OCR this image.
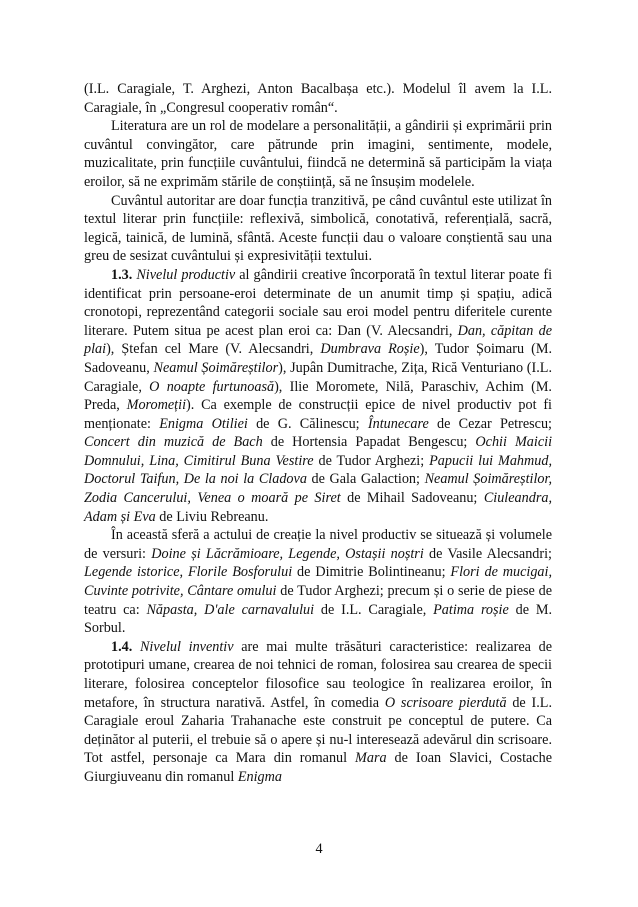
(I.L. Caragiale, T. Arghezi, Anton Bacalbașa etc.). Modelul îl avem la I.L. Caragiale, în „Congresul cooperativ român“.

Literatura are un rol de modelare a personalității, a gândirii și exprimării prin cuvântul convingător, care pătrunde prin imagini, sentimente, modele, muzicalitate, prin funcțiile cuvântului, fiindcă ne determină să participăm la viața eroilor, să ne exprimăm stările de conștiință, să ne însușim modelele.

Cuvântul autoritar are doar funcția tranzitivă, pe când cuvântul este utilizat în textul literar prin funcțiile: reflexivă, simbolică, conotativă, referențială, sacră, legică, tainică, de lumină, sfântă. Aceste funcții dau o valoare conștientă sau una greu de sesizat cuvântului și expresivității textului.

1.3. Nivelul productiv al gândirii creative încorporată în textul literar poate fi identificat prin persoane-eroi determinate de un anumit timp și spațiu, adică cronotopi, reprezentând categorii sociale sau eroi model pentru diferitele curente literare. Putem situa pe acest plan eroi ca: Dan (V. Alecsandri, Dan, căpitan de plai), Ștefan cel Mare (V. Alecsandri, Dumbrava Roșie), Tudor Șoimaru (M. Sadoveanu, Neamul Șoimăreștilor), Jupân Dumitrache, Zița, Rică Venturiano (I.L. Caragiale, O noapte furtunoasă), Ilie Moromete, Nilă, Paraschiv, Achim (M. Preda, Moromeții). Ca exemple de construcții epice de nivel productiv pot fi menționate: Enigma Otiliei de G. Călinescu; Întunecare de Cezar Petrescu; Concert din muzică de Bach de Hortensia Papadat Bengescu; Ochii Maicii Domnului, Lina, Cimitirul Buna Vestire de Tudor Arghezi; Papucii lui Mahmud, Doctorul Taifun, De la noi la Cladova de Gala Galaction; Neamul Șoimăreștilor, Zodia Cancerului, Venea o moară pe Siret de Mihail Sadoveanu; Ciuleandra, Adam și Eva de Liviu Rebreanu.

În această sferă a actului de creație la nivel productiv se situează și volumele de versuri: Doine și Lăcrămioare, Legende, Ostașii noștri de Vasile Alecsandri; Legende istorice, Florile Bosforului de Dimitrie Bolintineanu; Flori de mucigai, Cuvinte potrivite, Cântare omului de Tudor Arghezi; precum și o serie de piese de teatru ca: Năpasta, D'ale carnavalului de I.L. Caragiale, Patima roșie de M. Sorbul.

1.4. Nivelul inventiv are mai multe trăsături caracteristice: realizarea de prototipuri umane, crearea de noi tehnici de roman, folosirea sau crearea de specii literare, folosirea conceptelor filosofice sau teologice în realizarea eroilor, în metafore, în structura narativă. Astfel, în comedia O scrisoare pierdută de I.L. Caragiale eroul Zaharia Trahanache este construit pe conceptul de putere. Ca deținător al puterii, el trebuie să o apere și nu-l interesează adevărul din scrisoare. Tot astfel, personaje ca Mara din romanul Mara de Ioan Slavici, Costache Giurgiuveanu din romanul Enigma

4
